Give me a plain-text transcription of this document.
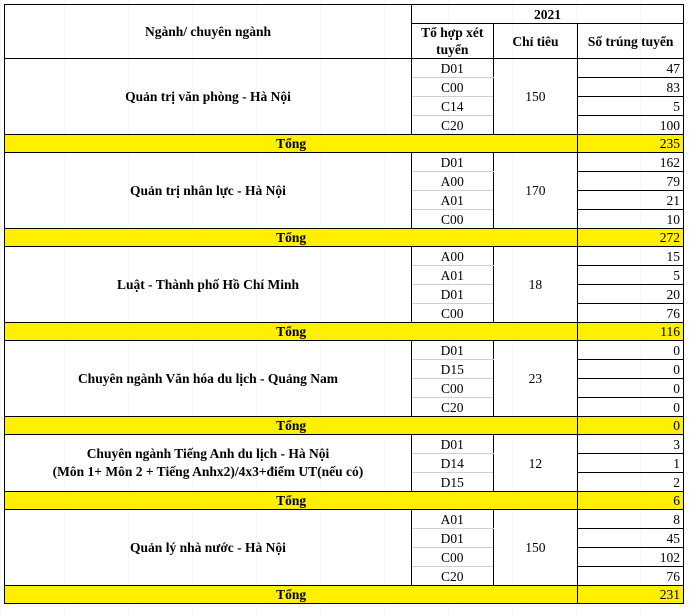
Ngành/ chuyên ngành	2021		
	Tổ hợp xét tuyển	Chỉ tiêu	Số trúng tuyển

Quản trị văn phòng - Hà Nội	D01	150	47
	C00		83
	C14		5
	C20		100
Tổng			235

Quản trị nhân lực - Hà Nội	D01	170	162
	A00		79
	A01		21
	C00		10
Tổng			272

Luật - Thành phố Hồ Chí Minh	A00	18	15
	A01		5
	D01		20
	C00		76
Tổng			116

Chuyên ngành Văn hóa du lịch - Quảng Nam	D01	23	0
	D15		0
	C00		0
	C20		0
Tổng			0

Chuyên ngành Tiếng Anh du lịch - Hà Nội
(Môn 1+ Môn 2 + Tiếng Anhx2)/4x3+điểm UT(nếu có)	D01	12	3
	D14		1
	D15		2
Tổng			6

Quản lý nhà nước - Hà Nội	A01	150	8
	D01		45
	C00		102
	C20		76
Tổng			231
